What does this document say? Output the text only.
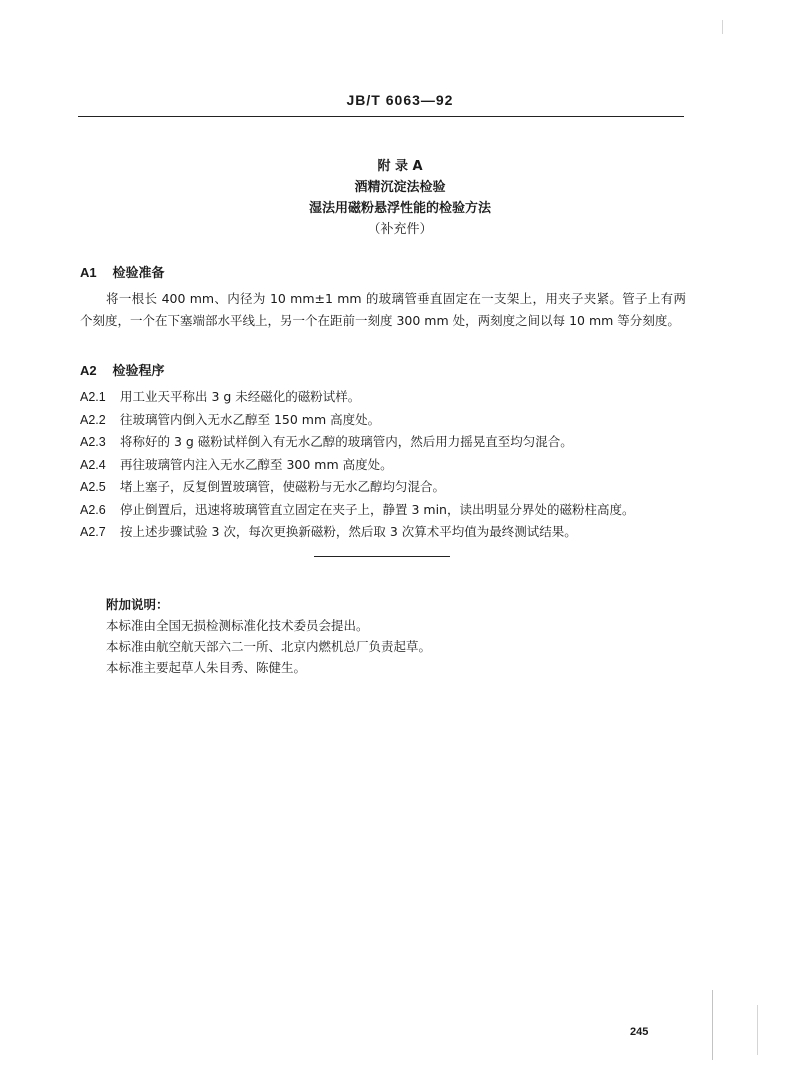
JB/T 6063—92
附 录 A
酒精沉淀法检验
湿法用磁粉悬浮性能的检验方法
（补充件）
A1 检验准备
将一根长 400 mm、内径为 10 mm±1 mm 的玻璃管垂直固定在一支架上，用夹子夹紧。管子上有两个刻度，一个在下塞端部水平线上，另一个在距前一刻度 300 mm 处，两刻度之间以每 10 mm 等分刻度。
A2 检验程序
A2.1 用工业天平称出 3 g 未经磁化的磁粉试样。
A2.2 往玻璃管内倒入无水乙醇至 150 mm 高度处。
A2.3 将称好的 3 g 磁粉试样倒入有无水乙醇的玻璃管内，然后用力摇晃直至均匀混合。
A2.4 再往玻璃管内注入无水乙醇至 300 mm 高度处。
A2.5 堵上塞子，反复倒置玻璃管，使磁粉与无水乙醇均匀混合。
A2.6 停止倒置后，迅速将玻璃管直立固定在夹子上，静置 3 min，读出明显分界处的磁粉柱高度。
A2.7 按上述步骤试验 3 次，每次更换新磁粉，然后取 3 次算术平均值为最终测试结果。
附加说明：
本标准由全国无损检测标准化技术委员会提出。
本标准由航空航天部六二一所、北京内燃机总厂负责起草。
本标准主要起草人朱目秀、陈健生。
245
